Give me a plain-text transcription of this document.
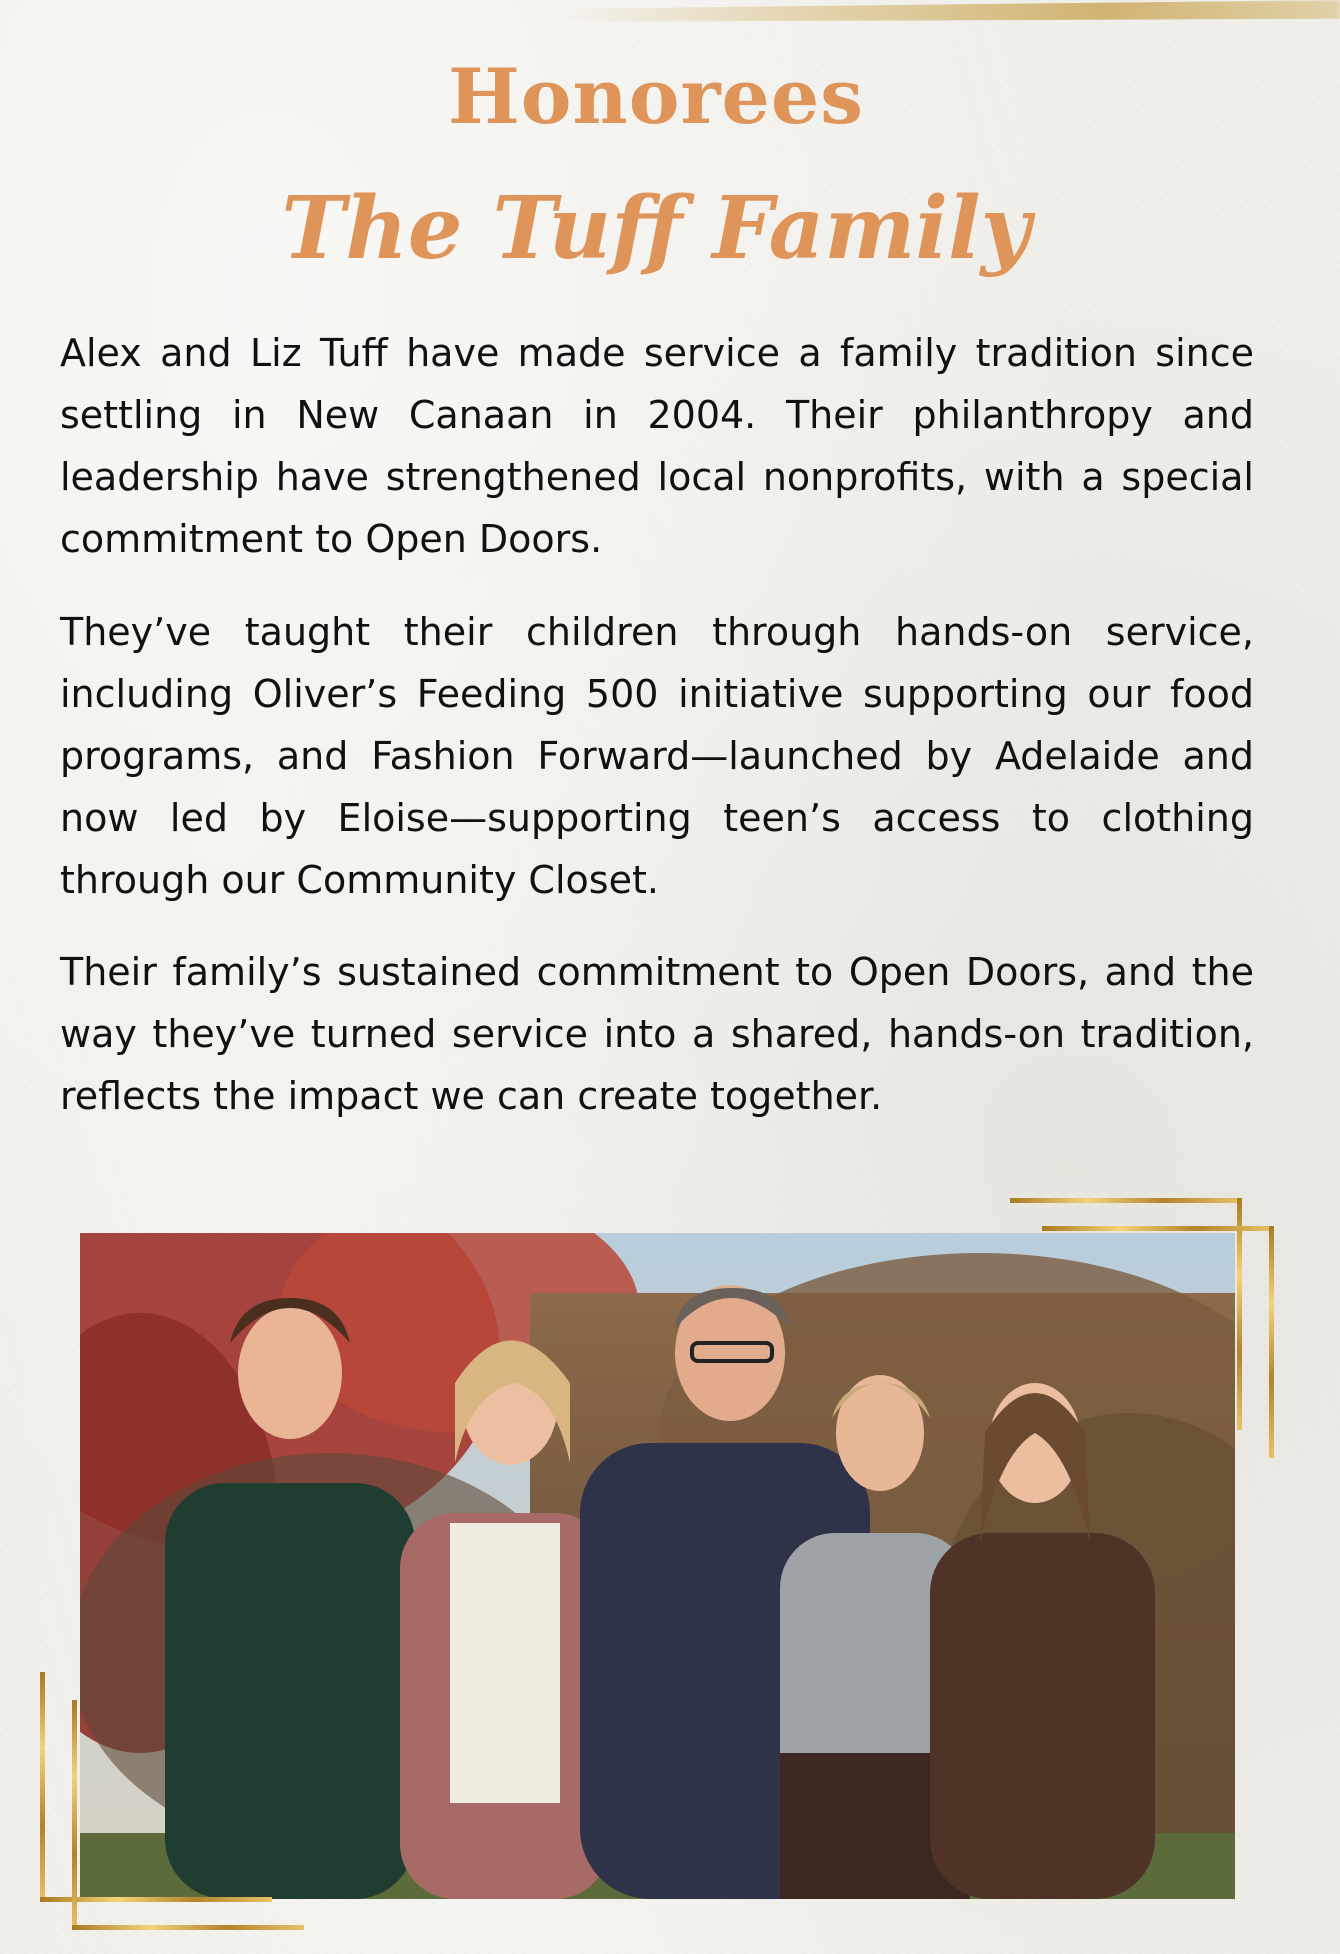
Honorees
The Tuff Family

Alex and Liz Tuff have made service a family tradition since settling in New Canaan in 2004. Their philanthropy and leadership have strengthened local nonprofits, with a special commitment to Open Doors.

They’ve taught their children through hands-on service, including Oliver’s Feeding 500 initiative supporting our food programs, and Fashion Forward—launched by Adelaide and now led by Eloise—supporting teen’s access to clothing through our Community Closet.

Their family’s sustained commitment to Open Doors, and the way they’ve turned service into a shared, hands-on tradition, reflects the impact we can create together.
